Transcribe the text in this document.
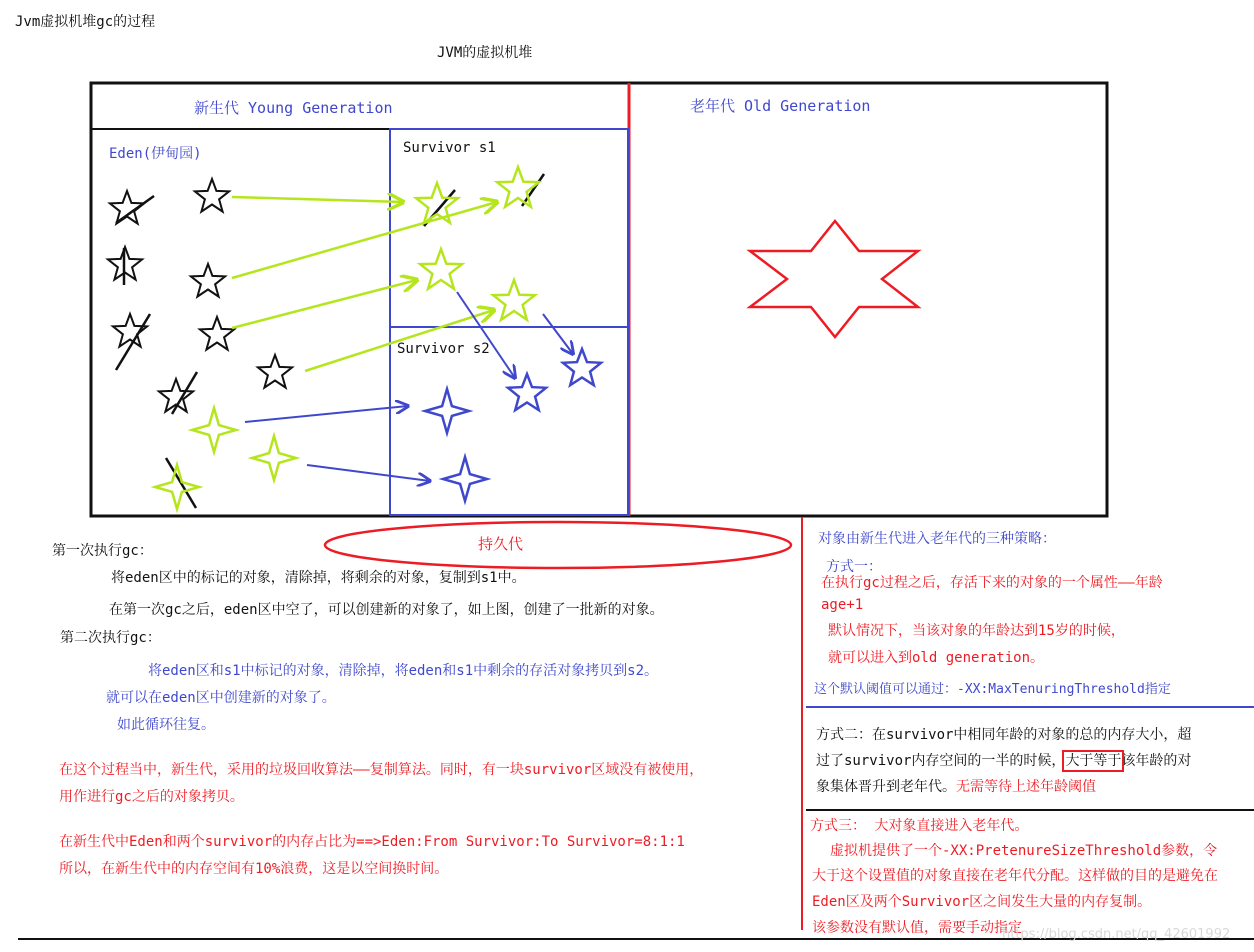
Jvm虚拟机堆gc的过程
JVM的虚拟机堆
新生代 Young Generation	老年代 Old Generation
Eden(伊甸园)	Survivor s1
Survivor s2
持久代
第一次执行gc：
将eden区中的标记的对象，清除掉，将剩余的对象，复制到s1中。
在第一次gc之后，eden区中空了，可以创建新的对象了，如上图，创建了一批新的对象。
第二次执行gc：
将eden区和s1中标记的对象，清除掉，将eden和s1中剩余的存活对象拷贝到s2。
就可以在eden区中创建新的对象了。
如此循环往复。
在这个过程当中，新生代，采用的垃圾回收算法——复制算法。同时，有一块survivor区域没有被使用，
用作进行gc之后的对象拷贝。
在新生代中Eden和两个survivor的内存占比为==>Eden:From Survivor:To Survivor=8:1:1
所以，在新生代中的内存空间有10%浪费，这是以空间换时间。
对象由新生代进入老年代的三种策略：
方式一：
在执行gc过程之后，存活下来的对象的一个属性——年龄
age+1
默认情况下，当该对象的年龄达到15岁的时候，
就可以进入到old generation。
这个默认阈值可以通过：-XX:MaxTenuringThreshold指定
方式二：在survivor中相同年龄的对象的总的内存大小，超
过了survivor内存空间的一半的时候，大于等于该年龄的对
象集体晋升到老年代。无需等待上述年龄阈值
方式三： 大对象直接进入老年代。
虚拟机提供了一个-XX:PretenureSizeThreshold参数，令
大于这个设置值的对象直接在老年代分配。这样做的目的是避免在
Eden区及两个Survivor区之间发生大量的内存复制。
该参数没有默认值，需要手动指定
https://blog.csdn.net/qq_42601992
